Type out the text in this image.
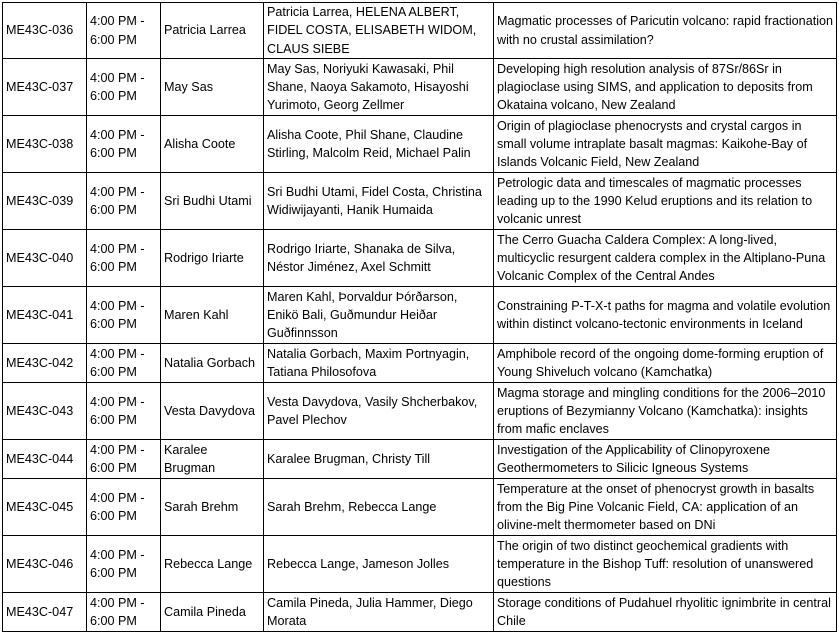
ME43C-036	4:00 PM -
6:00 PM	Patricia Larrea	Patricia Larrea, HELENA ALBERT, FIDEL COSTA, ELISABETH WIDOM, CLAUS SIEBE	Magmatic processes of Paricutin volcano: rapid fractionation with no crustal assimilation?
ME43C-037	4:00 PM -
6:00 PM	May Sas	May Sas, Noriyuki Kawasaki, Phil Shane, Naoya Sakamoto, Hisayoshi Yurimoto, Georg Zellmer	Developing high resolution analysis of 87Sr/86Sr in plagioclase using SIMS, and application to deposits from Okataina volcano, New Zealand
ME43C-038	4:00 PM -
6:00 PM	Alisha Coote	Alisha Coote, Phil Shane, Claudine Stirling, Malcolm Reid, Michael Palin	Origin of plagioclase phenocrysts and crystal cargos in small volume intraplate basalt magmas: Kaikohe-Bay of Islands Volcanic Field, New Zealand
ME43C-039	4:00 PM -
6:00 PM	Sri Budhi Utami	Sri Budhi Utami, Fidel Costa, Christina Widiwijayanti, Hanik Humaida	Petrologic data and timescales of magmatic processes leading up to the 1990 Kelud eruptions and its relation to volcanic unrest
ME43C-040	4:00 PM -
6:00 PM	Rodrigo Iriarte	Rodrigo Iriarte, Shanaka de Silva, Néstor Jiménez, Axel Schmitt	The Cerro Guacha Caldera Complex: A long-lived, multicyclic resurgent caldera complex in the Altiplano-Puna Volcanic Complex of the Central Andes
ME43C-041	4:00 PM -
6:00 PM	Maren Kahl	Maren Kahl, Þorvaldur Þórðarson, Enikö Bali, Guðmundur Heiðar Guðfinnsson	Constraining P-T-X-t paths for magma and volatile evolution within distinct volcano-tectonic environments in Iceland
ME43C-042	4:00 PM -
6:00 PM	Natalia Gorbach	Natalia Gorbach, Maxim Portnyagin, Tatiana Philosofova	Amphibole record of the ongoing dome-forming eruption of Young Shiveluch volcano (Kamchatka)
ME43C-043	4:00 PM -
6:00 PM	Vesta Davydova	Vesta Davydova, Vasily Shcherbakov, Pavel Plechov	Magma storage and mingling conditions for the 2006–2010 eruptions of Bezymianny Volcano (Kamchatka): insights from mafic enclaves
ME43C-044	4:00 PM -
6:00 PM	Karalee Brugman	Karalee Brugman, Christy Till	Investigation of the Applicability of Clinopyroxene Geothermometers to Silicic Igneous Systems
ME43C-045	4:00 PM -
6:00 PM	Sarah Brehm	Sarah Brehm, Rebecca Lange	Temperature at the onset of phenocryst growth in basalts from the Big Pine Volcanic Field, CA: application of an olivine-melt thermometer based on DNi
ME43C-046	4:00 PM -
6:00 PM	Rebecca Lange	Rebecca Lange, Jameson Jolles	The origin of two distinct geochemical gradients with temperature in the Bishop Tuff: resolution of unanswered questions
ME43C-047	4:00 PM -
6:00 PM	Camila Pineda	Camila Pineda, Julia Hammer, Diego Morata	Storage conditions of Pudahuel rhyolitic ignimbrite in central Chile
